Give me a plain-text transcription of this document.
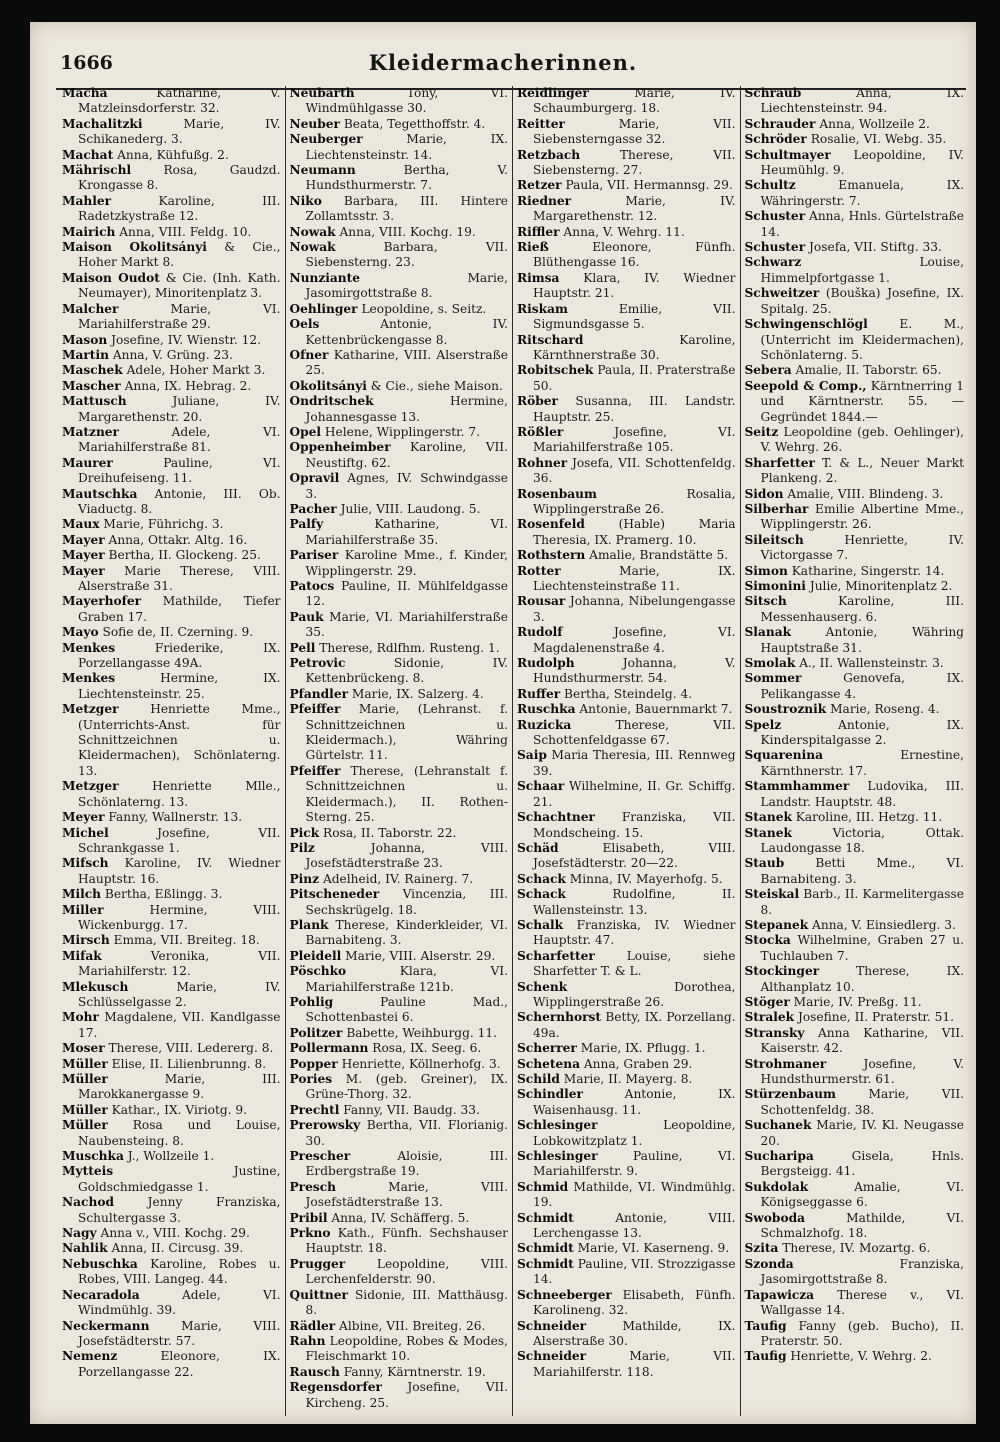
1666	Kleidermacherinnen.

Macha	Katharine, V. Matzleinsdorferstr. 32.

Machalitzki	Marie, IV. Schikanederg. 3.

Machat Anna, Kühfußg. 2.

Mährischl	Rosa, Gaudzd. Krongasse 8.

Mahler	Karoline, III. Radetzkystraße 12.

Mairich Anna, VIII. Feldg. 10.

Maison Okolitsányi & Cie., Hoher Markt 8.

Maison Oudot & Cie. (Inh. Kath. Neumayer), Minoritenplatz 3.

Malcher	Marie, VI. Mariahilferstraße 29.

Mason Josefine, IV. Wienstr. 12.

Martin Anna, V. Grüng. 23.

Maschek Adele, Hoher Markt 3.

Mascher Anna, IX. Hebrag. 2.

Mattusch	Juliane, IV. Margarethenstr. 20.

Matzner	Adele, VI. Mariahilferstraße 81.

Maurer	Pauline, VI. Dreihufeiseng. 11.

Mautschka Antonie, III. Ob. Viaductg. 8.

Maux Marie, Führichg. 3.

Mayer Anna, Ottakr. Altg. 16.

Mayer Bertha, II. Glockeng. 25.

Mayer Marie Therese, VIII. Alserstraße 31.

Mayerhofer Mathilde, Tiefer Graben 17.

Mayo Sofie de, II. Czerning. 9.

Menkes	Friederike, IX. Porzellangasse 49A.

Menkes	Hermine, IX. Liechtensteinstr. 25.

Metzger	Henriette Mme., (Unterrichts-Anst. für Schnittzeichnen u. Kleidermachen), Schönlaterng. 13.

Metzger	Henriette Mlle., Schönlaterng. 13.

Meyer Fanny, Wallnerstr. 13.

Michel	Josefine, VII. Schrankgasse 1.

Mifsch Karoline, IV. Wiedner Hauptstr. 16.

Milch Bertha, Eßlingg. 3.

Miller	Hermine, VIII. Wickenburgg. 17.

Mirsch Emma, VII. Breiteg. 18.

Mifak	Veronika, VII. Mariahilferstr. 12.

Mlekusch	Marie, IV. Schlüsselgasse 2.

Mohr Magdalene, VII. Kandlgasse 17.

Moser Therese, VIII. Ledererg. 8.

Müller Elise, II. Lilienbrunng. 8.

Müller	Marie, III. Marokkanergasse 9.

Müller Kathar., IX. Viriotg. 9.

Müller Rosa und Louise, Naubensteing. 8.

Muschka J., Wollzeile 1.

Mytteis	Justine, Goldschmiedgasse 1.

Nachod	Jenny Franziska, Schultergasse 3.

Nagy Anna v., VIII. Kochg. 29.

Nahlik Anna, II. Circusg. 39.

Nebuschka Karoline, Robes u. Robes, VIII. Langeg. 44.

Necaradola	Adele, VI. Windmühlg. 39.

Neckermann	Marie, VIII. Josefstädterstr. 57.

Nemenz	Eleonore, IX. Porzellangasse 22.

Neubarth	Tony, VI. Windmühlgasse 30.

Neuber Beata, Tegetthoffstr. 4.

Neuberger	Marie, IX. Liechtensteinstr. 14.

Neumann	Bertha, V. Hundsthurmerstr. 7.

Niko Barbara, III. Hintere Zollamtsstr. 3.

Nowak Anna, VIII. Kochg. 19.

Nowak	Barbara, VII. Siebensterng. 23.

Nunziante	Marie, Jasomirgottstraße 8.

Oehlinger Leopoldine, s. Seitz.

Oels	Antonie, IV. Kettenbrückengasse 8.

Ofner Katharine, VIII. Alserstraße 25.

Okolitsányi & Cie., siehe Maison.

Ondritschek	Hermine, Johannesgasse 13.

Opel Helene, Wipplingerstr. 7.

Oppenheimber Karoline, VII. Neustiftg. 62.

Opravil Agnes, IV. Schwindgasse 3.

Pacher Julie, VIII. Laudong. 5.

Palfy	Katharine, VI. Mariahilferstraße 35.

Pariser Karoline Mme., f. Kinder, Wipplingerstr. 29.

Patocs Pauline, II. Mühlfeldgasse 12.

Pauk Marie, VI. Mariahilferstraße 35.

Pell Therese, Rdlfhm. Rusteng. 1.

Petrovic	Sidonie, IV. Kettenbrückeng. 8.

Pfandler Marie, IX. Salzerg. 4.

Pfeiffer Marie, (Lehranst. f. Schnittzeichnen u. Kleidermach.), Währing Gürtelstr. 11.

Pfeiffer Therese, (Lehranstalt f. Schnittzeichnen u. Kleidermach.), II. Rothen-Sterng. 25.

Pick Rosa, II. Taborstr. 22.

Pilz	Johanna, VIII. Josefstädterstraße 23.

Pinz Adelheid, IV. Rainerg. 7.

Pitscheneder Vincenzia, III. Sechskrügelg. 18.

Plank Therese, Kinderkleider, VI. Barnabiteng. 3.

Pleidell Marie, VIII. Alserstr. 29.

Pöschko	Klara, VI. Mariahilferstraße 121b.

Pohlig	Pauline Mad., Schottenbastei 6.

Politzer Babette, Weihburgg. 11.

Pollermann Rosa, IX. Seeg. 6.

Popper Henriette, Köllnerhofg. 3.

Pories M. (geb. Greiner), IX. Grüne-Thorg. 32.

Prechtl Fanny, VII. Baudg. 33.

Prerowsky Bertha, VII. Florianig. 30.

Prescher	Aloisie, III. Erdbergstraße 19.

Presch	Marie, VIII. Josefstädterstraße 13.

Pribil Anna, IV. Schäfferg. 5.

Prkno Kath., Fünfh. Sechshauser Hauptstr. 18.

Prugger	Leopoldine, VIII. Lerchenfelderstr. 90.

Quittner Sidonie, III. Matthäusg. 8.

Rädler Albine, VII. Breiteg. 26.

Rahn Leopoldine, Robes & Modes, Fleischmarkt 10.

Rausch Fanny, Kärntnerstr. 19.

Regensdorfer Josefine, VII. Kircheng. 25.

Reidlinger	Marie, IV. Schaumburgerg. 18.

Reitter	Marie, VII. Siebensterngasse 32.

Retzbach	Therese, VII. Siebensterng. 27.

Retzer Paula, VII. Hermannsg. 29.

Riedner	Marie, IV. Margarethenstr. 12.

Riffler Anna, V. Wehrg. 11.

Rieß	Eleonore, Fünfh. Blüthengasse 16.

Rimsa Klara, IV. Wiedner Hauptstr. 21.

Riskam	Emilie, VII. Sigmundsgasse 5.

Ritschard	Karoline, Kärnthnerstraße 30.

Robitschek Paula, II. Praterstraße 50.

Röber Susanna, III. Landstr. Hauptstr. 25.

Rößler	Josefine, VI. Mariahilferstraße 105.

Rohner Josefa, VII. Schottenfeldg. 36.

Rosenbaum	Rosalia, Wipplingerstraße 26.

Rosenfeld	(Hable) Maria Theresia, IX. Pramerg. 10.

Rothstern Amalie, Brandstätte 5.

Rotter	Marie, IX. Liechtensteinstraße 11.

Rousar Johanna, Nibelungengasse 3.

Rudolf	Josefine, VI. Magdalenenstraße 4.

Rudolph	Johanna, V. Hundsthurmerstr. 54.

Ruffer Bertha, Steindelg. 4.

Ruschka Antonie, Bauernmarkt 7.

Ruzicka	Therese, VII. Schottenfeldgasse 67.

Saip Maria Theresia, III. Rennweg 39.

Schaar Wilhelmine, II. Gr. Schiffg. 21.

Schachtner Franziska, VII. Mondscheing. 15.

Schäd	Elisabeth, VIII. Josefstädterstr. 20—22.

Schack Minna, IV. Mayerhofg. 5.

Schack	Rudolfine, II. Wallensteinstr. 13.

Schalk Franziska, IV. Wiedner Hauptstr. 47.

Scharfetter	Louise, siehe Sharfetter T. & L.

Schenk	Dorothea, Wipplingerstraße 26.

Schernhorst Betty, IX. Porzellang. 49a.

Scherrer Marie, IX. Pflugg. 1.

Schetena Anna, Graben 29.

Schild Marie, II. Mayerg. 8.

Schindler	Antonie, IX. Waisenhausg. 11.

Schlesinger	Leopoldine, Lobkowitzplatz 1.

Schlesinger	Pauline, VI. Mariahilferstr. 9.

Schmid Mathilde, VI. Windmühlg. 19.

Schmidt	Antonie, VIII. Lerchengasse 13.

Schmidt Marie, VI. Kaserneng. 9.

Schmidt Pauline, VII. Strozzigasse 14.

Schneeberger Elisabeth, Fünfh. Karolineng. 32.

Schneider	Mathilde, IX. Alserstraße 30.

Schneider	Marie, VII. Mariahilferstr. 118.

Schraub	Anna, IX. Liechtensteinstr. 94.

Schrauder Anna, Wollzeile 2.

Schröder Rosalie, VI. Webg. 35.

Schultmayer Leopoldine, IV. Heumühlg. 9.

Schultz	Emanuela, IX. Währingerstr. 7.

Schuster Anna, Hnls. Gürtelstraße 14.

Schuster Josefa, VII. Stiftg. 33.

Schwarz	Louise, Himmelpfortgasse 1.

Schweitzer (Bouška) Josefine, IX. Spitalg. 25.

Schwingenschlögl	E. M., (Unterricht im Kleidermachen), Schönlaterng. 5.

Sebera Amalie, II. Taborstr. 65.

Seepold & Comp., Kärntnerring 1 und Kärntnerstr. 55. —Gegründet 1844.—

Seitz Leopoldine (geb. Oehlinger), V. Wehrg. 26.

Sharfetter T. & L., Neuer Markt Plankeng. 2.

Sidon Amalie, VIII. Blindeng. 3.

Silberhar Emilie Albertine Mme., Wipplingerstr. 26.

Sileitsch	Henriette, IV. Victorgasse 7.

Simon Katharine, Singerstr. 14.

Simonini Julie, Minoritenplatz 2.

Sitsch	Karoline, III. Messenhauserg. 6.

Slanak	Antonie, Währing Hauptstraße 31.

Smolak A., II. Wallensteinstr. 3.

Sommer	Genovefa, IX. Pelikangasse 4.

Soustroznik Marie, Roseng. 4.

Spelz	Antonie, IX. Kinderspitalgasse 2.

Squarenina	Ernestine, Kärnthnerstr. 17.

Stammhammer Ludovika, III. Landstr. Hauptstr. 48.

Stanek Karoline, III. Hetzg. 11.

Stanek	Victoria, Ottak. Laudongasse 18.

Staub	Betti Mme., VI. Barnabiteng. 3.

Steiskal Barb., II. Karmelitergasse 8.

Stepanek Anna, V. Einsiedlerg. 3.

Stocka Wilhelmine, Graben 27 u. Tuchlauben 7.

Stockinger	Therese, IX. Althanplatz 10.

Stöger Marie, IV. Preßg. 11.

Stralek Josefine, II. Praterstr. 51.

Stransky Anna Katharine, VII. Kaiserstr. 42.

Strohmaner	Josefine, V. Hundsthurmerstr. 61.

Stürzenbaum	Marie, VII. Schottenfeldg. 38.

Suchanek Marie, IV. Kl. Neugasse 20.

Sucharipa	Gisela, Hnls. Bergsteigg. 41.

Sukdolak	Amalie, VI. Königseggasse 6.

Swoboda	Mathilde, VI. Schmalzhofg. 18.

Szita Therese, IV. Mozartg. 6.

Szonda	Franziska, Jasomirgottstraße 8.

Tapawicza Therese v., VI. Wallgasse 14.

Taufig Fanny (geb. Bucho), II. Praterstr. 50.

Taufig Henriette, V. Wehrg. 2.
